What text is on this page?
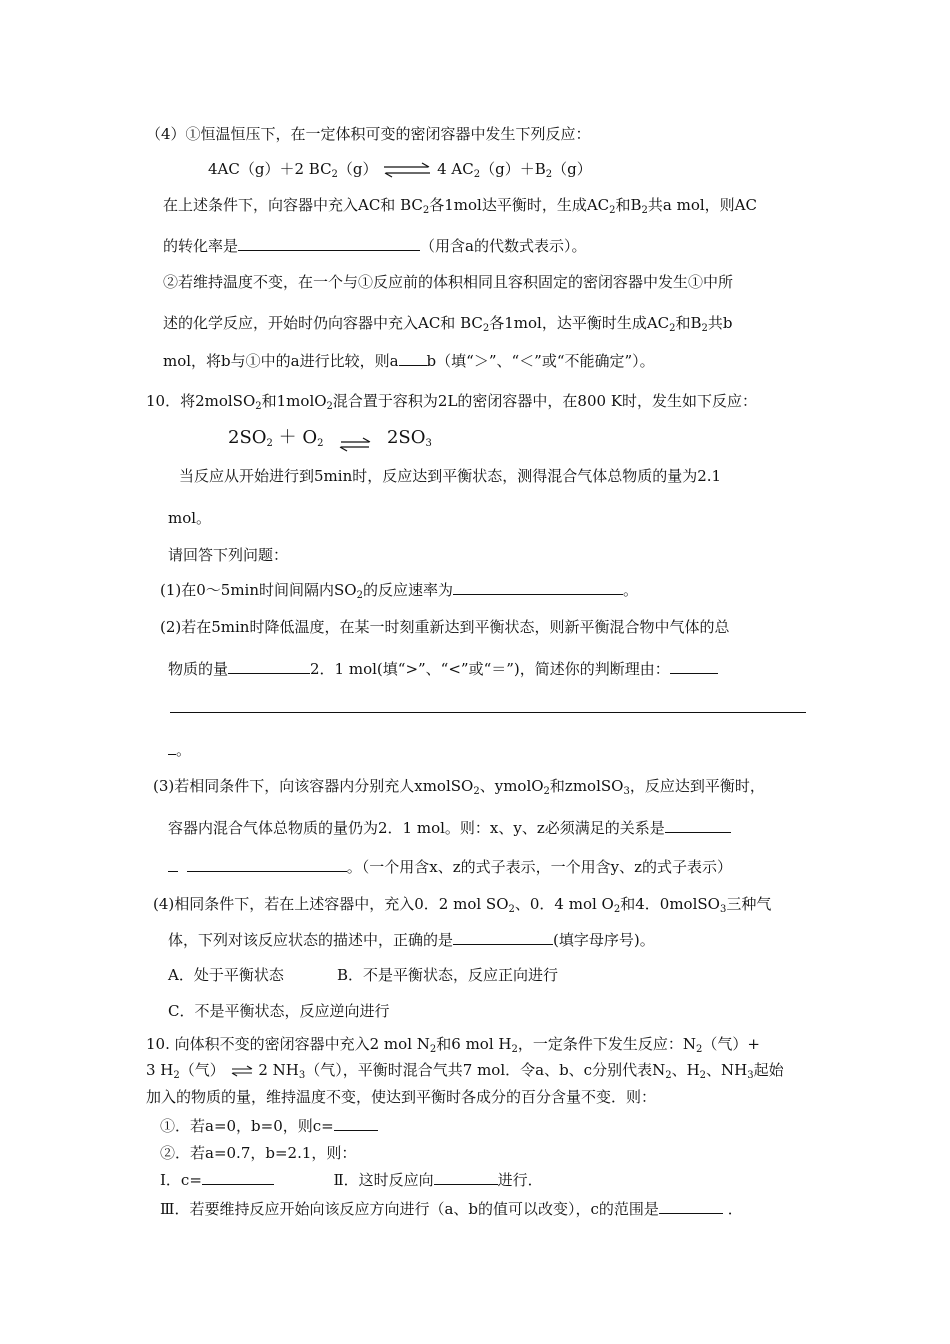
（4）①恒温恒压下，在一定体积可变的密闭容器中发生下列反应：
4AC（g）＋2 $BC_2(g)$ ⇌ 4 $AC_2(g)+B_2(g)$
在上述条件下，向容器中充入AC和 $BC_2$各1mol达平衡时，生成$AC_2$和$B_2$共a mol，则AC
的转化率是	（用含a的代数式表示）。
②若维持温度不变，在一个与①反应前的体积相同且容积固定的密闭容器中发生①中所
述的化学反应，开始时仍向容器中充入AC和 $BC_2$各1mol，达平衡时生成$AC_2$和$B_2$共b
mol，将b与①中的a进行比较，则a b（填“＞”、“＜”或“不能确定”）。
10．将2molSO$_2$和1molO$_2$混合置于容积为2L的密闭容器中，在800 K时，发生如下反应：
$2SO_2 + O_2$ ⇌ $2SO_3$
当反应从开始进行到5min时，反应达到平衡状态，测得混合气体总物质的量为2.1
mol。
请回答下列问题：
(1)在0～5min时间间隔内$SO_2$的反应速率为	。
(2)若在5min时降低温度，在某一时刻重新达到平衡状态，则新平衡混合物中气体的总
物质的量	2．1 mol(填“>”、“<”或“＝”)，简述你的判断理由：
。
(3)若相同条件下，向该容器内分别充人xmolSO$_2$、ymolO$_2$和zmolSO$_3$，反应达到平衡时，
容器内混合气体总物质的量仍为2．1 mol。则：x、y、z必须满足的关系是
。（一个用含x、z的式子表示，一个用含y、z的式子表示）
(4)相同条件下，若在上述容器中，充入0．2 mol $SO_2$、0．4 mol $O_2$和4．0molSO$_3$三种气
体，下列对该反应状态的描述中，正确的是	(填字母序号)。
A．处于平衡状态	B．不是平衡状态，反应正向进行
C．不是平衡状态，反应逆向进行
10. 向体积不变的密闭容器中充入2 mol $N_2$和6 mol $H_2$，一定条件下发生反应：$N_2$（气）+
3 $H_2$（气） ⇌ 2 $NH_3$（气），平衡时混合气共7 mol．令a、b、c分别代表$N_2$、$H_2$、$NH_3$起始
加入的物质的量，维持温度不变，使达到平衡时各成分的百分含量不变．则：
①．若a=0，b=0，则c=
②．若a=0.7，b=2.1，则：
Ⅰ．c=	Ⅱ．这时反应向	进行．
Ⅲ．若要维持反应开始向该反应方向进行（a、b的值可以改变），c的范围是	．
